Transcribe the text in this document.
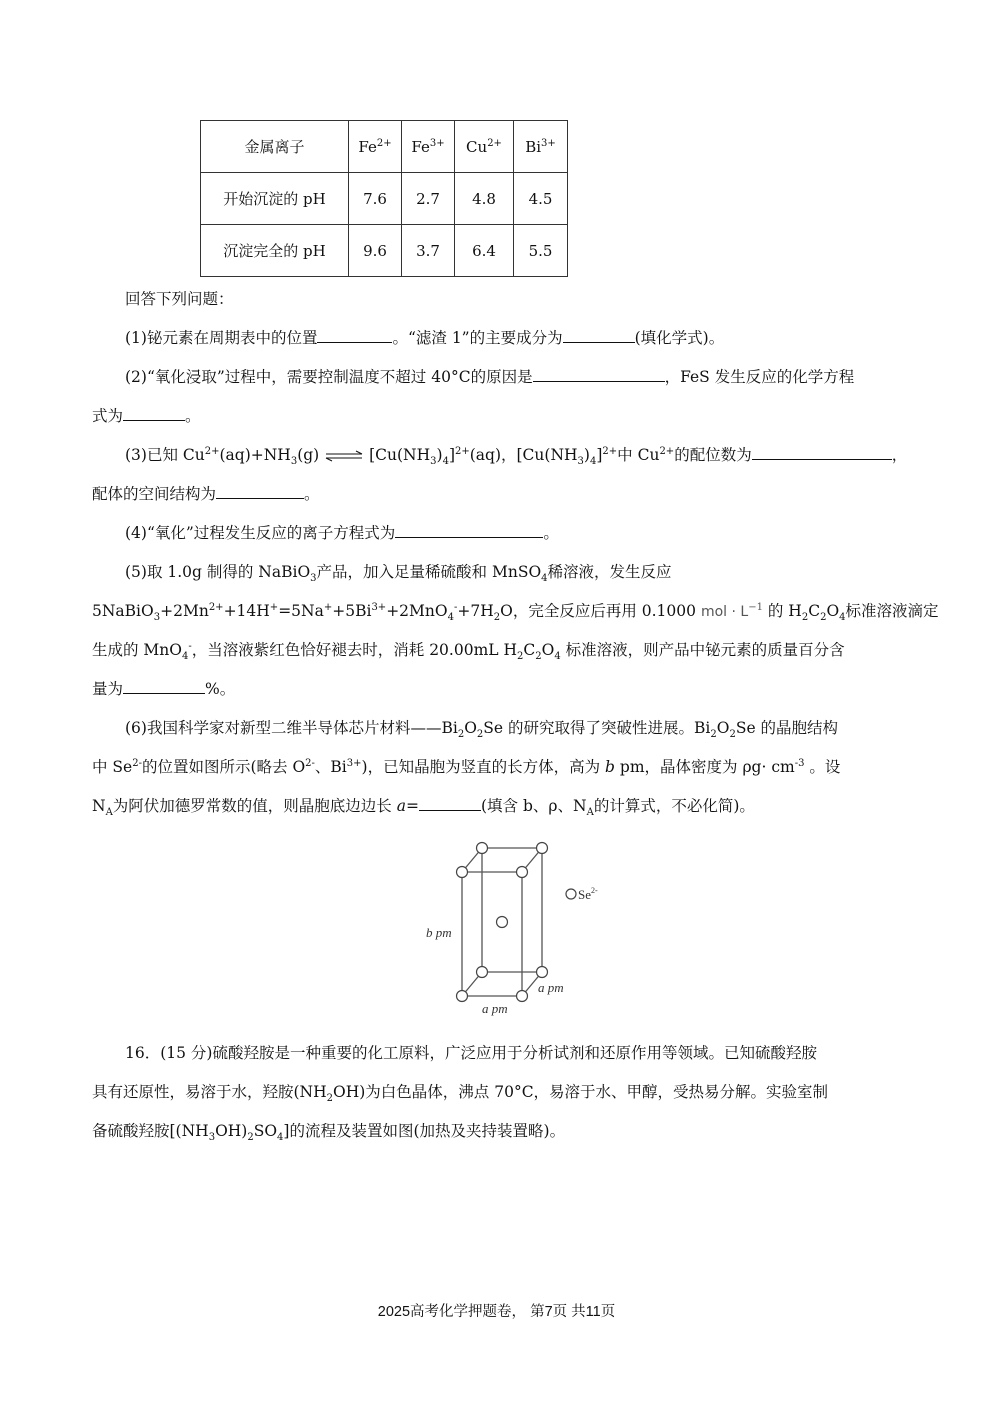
金属离子	$Fe^{2+}$	$Fe^{3+}$	$Cu^{2+}$	$Bi^{3+}$
开始沉淀的 pH	7.6	2.7	4.8	4.5
沉淀完全的 pH	9.6	3.7	6.4	5.5
回答下列问题：
(1)铋元素在周期表中的位置	。“滤渣 1”的主要成分为	(填化学式)。
(2)“氧化浸取”过程中，需要控制温度不超过 40°C的原因是	，FeS 发生反应的化学方程
式为	。
(3)已知 $Cu^{2+}(aq)+NH_3(g)$ ⇌ $[Cu(NH_3)_4]^{2+}(aq)$，$[Cu(NH_3)_4]^{2+}$中 $Cu^{2+}$的配位数为	，
配体的空间结构为	。
(4)“氧化”过程发生反应的离子方程式为	。
(5)取 1.0g 制得的 NaBiO$_3$产品，加入足量稀硫酸和 MnSO$_4$稀溶液，发生反应
$5NaBiO_3+2Mn^{2+}+14H^+=5Na^++5Bi^{3+}+2MnO_4^-+7H_2O$，完全反应后再用 0.1000 mol · $L^{-1}$ 的 $H_2C_2O_4$标准溶液滴定
生成的 MnO$_4$-，当溶液紫红色恰好褪去时，消耗 20.00mL $H_2C_2O_4$ 标准溶液，则产品中铋元素的质量百分含
量为	%。
(6)我国科学家对新型二维半导体芯片材料$——Bi_2O_2Se$ 的研究取得了突破性进展。$Bi_2O_2Se$ 的晶胞结构
中 $Se^{2-}$的位置如图所示(略去 $O^{2-}$、$Bi^{3+}$)，已知晶胞为竖直的长方体，高为 b pm，晶体密度为 $\rho g\cdot cm^{-3}$ 。设
$N_A$为阿伏加德罗常数的值，则晶胞底边边长 a=	(填含 b、ρ、$N_A$的计算式，不必化简)。
$Se^{2-}$
b pm
a pm
a pm
16．(15 分)硫酸羟胺是一种重要的化工原料，广泛应用于分析试剂和还原作用等领域。已知硫酸羟胺
具有还原性，易溶于水，羟胺$(NH_2OH)$为白色晶体，沸点 70°C，易溶于水、甲醇，受热易分解。实验室制
备硫酸羟胺$[(NH_3OH)_2SO_4]$的流程及装置如图(加热及夹持装置略)。
2025高考化学押题卷， 第7页 共11页
